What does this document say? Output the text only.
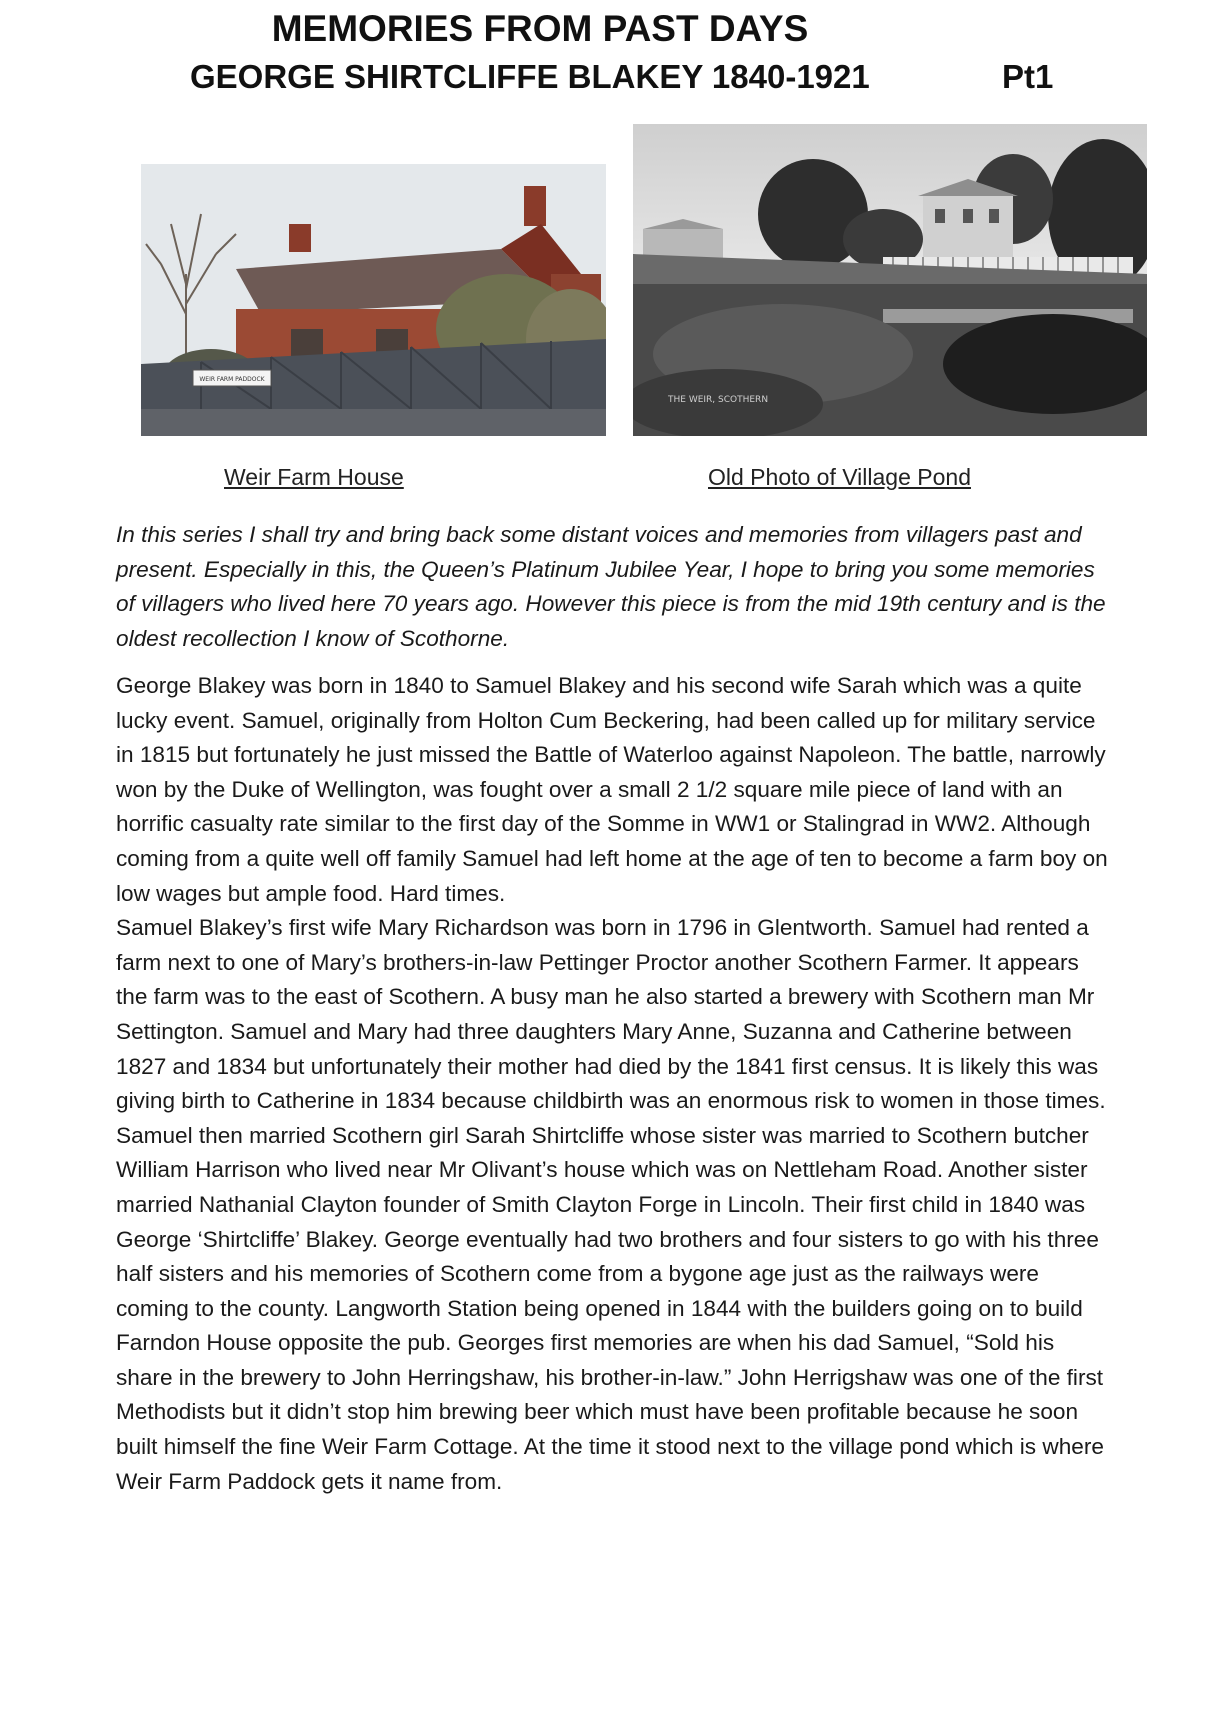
MEMORIES FROM PAST DAYS
GEORGE SHIRTCLIFFE BLAKEY 1840-1921	Pt1
WEIR FARM PADDOCK
THE WEIR, SCOTHERN
Weir Farm House	Old Photo of Village Pond

In this series I shall try and bring back some distant voices and memories from villagers past and present. Especially in this, the Queen’s Platinum Jubilee Year, I hope to bring you some memories of villagers who lived here 70 years ago. However this piece is from the mid 19th century and is the oldest recollection I know of Scothorne.

George Blakey was born in 1840 to Samuel Blakey and his second wife Sarah which was a quite lucky event. Samuel, originally from Holton Cum Beckering, had been called up for military service in 1815 but fortunately he just missed the Battle of Waterloo against Napoleon. The battle, narrowly won by the Duke of Wellington, was fought over a small 2 1/2 square mile piece of land with an horrific casualty rate similar to the first day of the Somme in WW1 or Stalingrad in WW2. Although coming from a quite well off family Samuel had left home at the age of ten to become a farm boy on low wages but ample food. Hard times.

Samuel Blakey’s first wife Mary Richardson was born in 1796 in Glentworth. Samuel had rented a farm next to one of Mary’s brothers-in-law Pettinger Proctor another Scothern Farmer. It appears the farm was to the east of Scothern. A busy man he also started a brewery with Scothern man Mr Settington. Samuel and Mary had three daughters Mary Anne, Suzanna and Catherine between 1827 and 1834 but unfortunately their mother had died by the 1841 first census. It is likely this was giving birth to Catherine in 1834 because childbirth was an enormous risk to women in those times.

Samuel then married Scothern girl Sarah Shirtcliffe whose sister was married to Scothern butcher William Harrison who lived near Mr Olivant’s house which was on Nettleham Road. Another sister married Nathanial Clayton founder of Smith Clayton Forge in Lincoln. Their first child in 1840 was George ‘Shirtcliffe’ Blakey. George eventually had two brothers and four sisters to go with his three half sisters and his memories of Scothern come from a bygone age just as the railways were coming to the county. Langworth Station being opened in 1844 with the builders going on to build Farndon House opposite the pub. Georges first memories are when his dad Samuel, “Sold his share in the brewery to John Herringshaw, his brother-in-law.” John Herrigshaw was one of the first Methodists but it didn’t stop him brewing beer which must have been profitable because he soon built himself the fine Weir Farm Cottage. At the time it stood next to the village pond which is where Weir Farm Paddock gets it name from.
